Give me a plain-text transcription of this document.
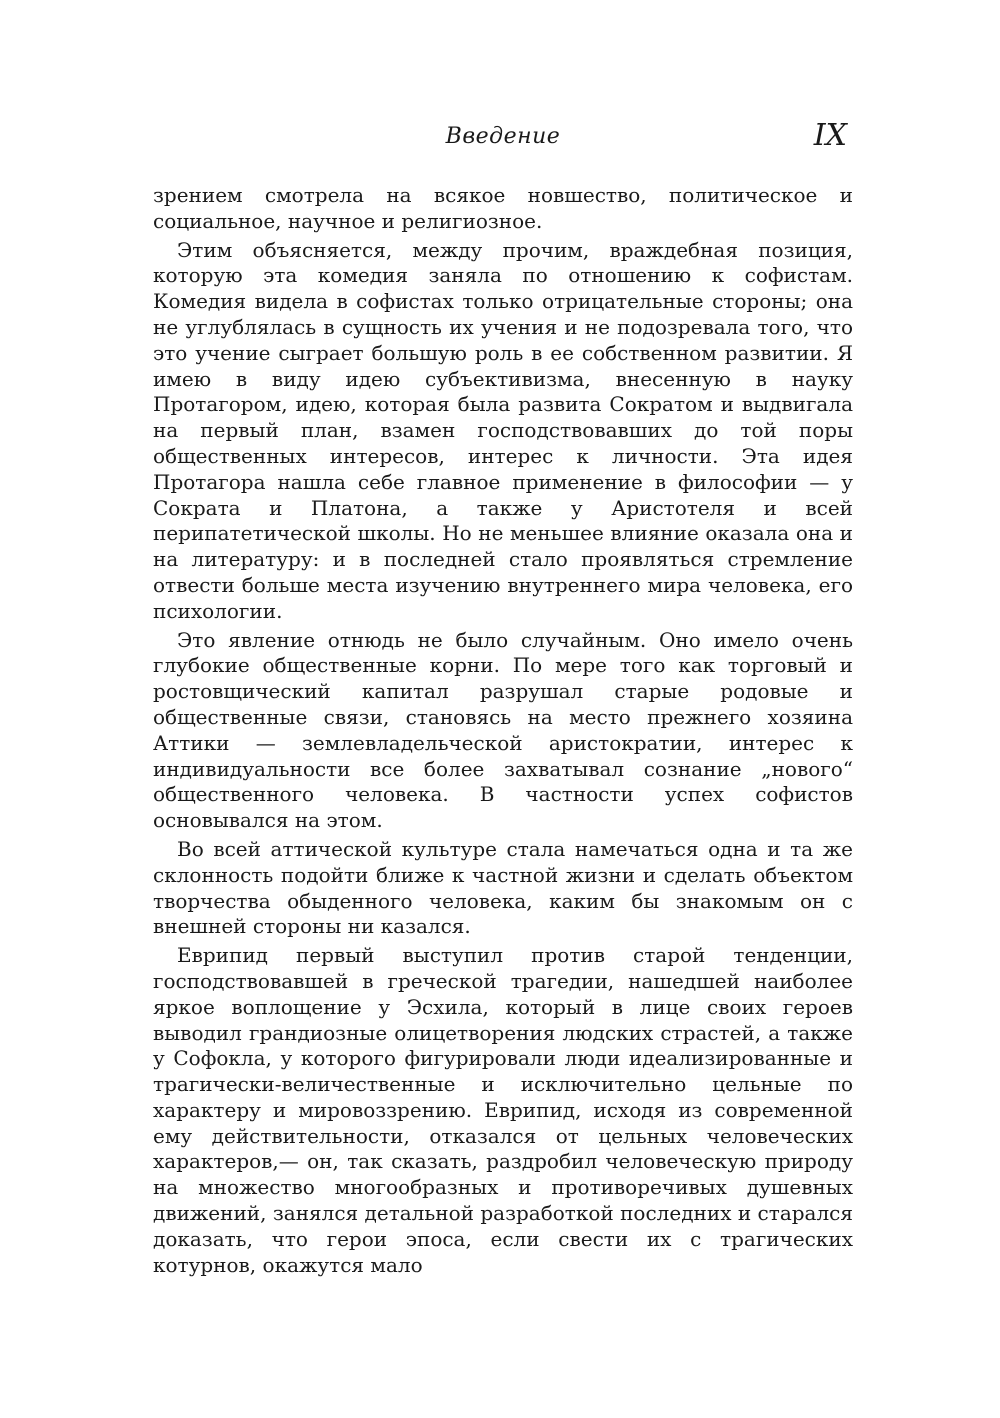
Введение	IX

зрением смотрела на всякое новшество, политическое и социальное, научное и религиозное.

Этим объясняется, между прочим, враждебная позиция, которую эта комедия заняла по отношению к софистам. Комедия видела в софистах только отрицательные стороны; она не углублялась в сущность их учения и не подозревала того, что это учение сыграет большую роль в ее собственном развитии. Я имею в виду идею субъективизма, внесенную в науку Протагором, идею, которая была развита Сократом и выдвигала на первый план, взамен господствовавших до той поры общественных интересов, интерес к личности. Эта идея Протагора нашла себе главное применение в философии — у Сократа и Платона, а также у Аристотеля и всей перипатетической школы. Но не меньшее влияние оказала она и на литературу: и в последней стало проявляться стремление отвести больше места изучению внутреннего мира человека, его психологии.

Это явление отнюдь не было случайным. Оно имело очень глубокие общественные корни. По мере того как торговый и ростовщический капитал разрушал старые родовые и общественные связи, становясь на место прежнего хозяина Аттики — землевладельческой аристократии, интерес к индивидуальности все более захватывал сознание „нового“ общественного человека. В частности успех софистов основывался на этом.

Во всей аттической культуре стала намечаться одна и та же склонность подойти ближе к частной жизни и сделать объектом творчества обыденного человека, каким бы знакомым он с внешней стороны ни казался.

Еврипид первый выступил против старой тенденции, господствовавшей в греческой трагедии, нашедшей наиболее яркое воплощение у Эсхила, который в лице своих героев выводил грандиозные олицетворения людских страстей, а также у Софокла, у которого фигурировали люди идеализированные и трагически-величественные и исключительно цельные по характеру и мировоззрению. Еврипид, исходя из современной ему действительности, отказался от цельных человеческих характеров,— он, так сказать, раздробил человеческую природу на множество многообразных и противоречивых душевных движений, занялся детальной разработкой последних и старался доказать, что герои эпоса, если свести их с трагических котурнов, окажутся мало
